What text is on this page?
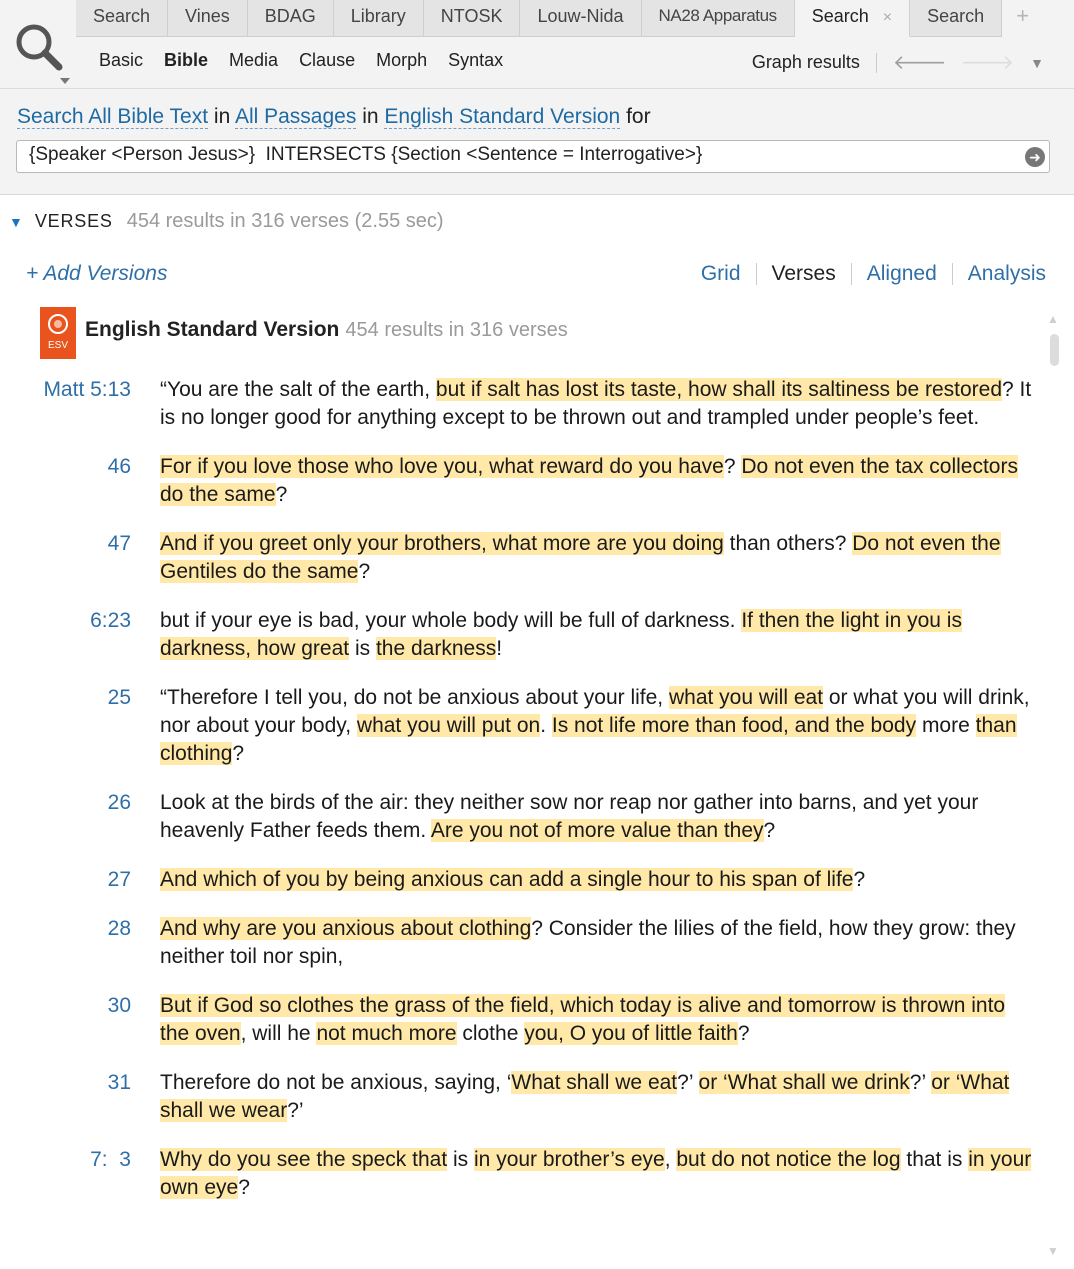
Search	Vines	BDAG	Library	NTOSK	Louw-Nida	NA28 Apparatus	Search ×	Search	+
Basic Bible Media Clause Morph Syntax	Graph results 🡐 🡒 ▼
Search All Bible Text in All Passages in English Standard Version for
{Speaker <Person Jesus>}  INTERSECTS {Section <Sentence = Interrogative>}	➜
▼ VERSES 454 results in 316 verses (2.55 sec)
+ Add Versions	Grid Verses Aligned Analysis
ESV
English Standard Version 454 results in 316 verses
Matt 5:13 “You are the salt of the earth, but if salt has lost its taste, how shall its saltiness be restored? It is no longer good for anything except to be thrown out and trampled under people’s feet.
46 For if you love those who love you, what reward do you have? Do not even the tax collectors do the same?
47 And if you greet only your brothers, what more are you doing than others? Do not even the Gentiles do the same?
6:23 but if your eye is bad, your whole body will be full of darkness. If then the light in you is darkness, how great is the darkness!
25 “Therefore I tell you, do not be anxious about your life, what you will eat or what you will drink, nor about your body, what you will put on. Is not life more than food, and the body more than clothing?
26 Look at the birds of the air: they neither sow nor reap nor gather into barns, and yet your heavenly Father feeds them. Are you not of more value than they?
27 And which of you by being anxious can add a single hour to his span of life?
28 And why are you anxious about clothing? Consider the lilies of the field, how they grow: they neither toil nor spin,
30 But if God so clothes the grass of the field, which today is alive and tomorrow is thrown into the oven, will he not much more clothe you, O you of little faith?
31 Therefore do not be anxious, saying, ‘What shall we eat?’ or ‘What shall we drink?’ or ‘What shall we wear?’
7:  3 Why do you see the speck that is in your brother’s eye, but do not notice the log that is in your own eye?
▲
▼
